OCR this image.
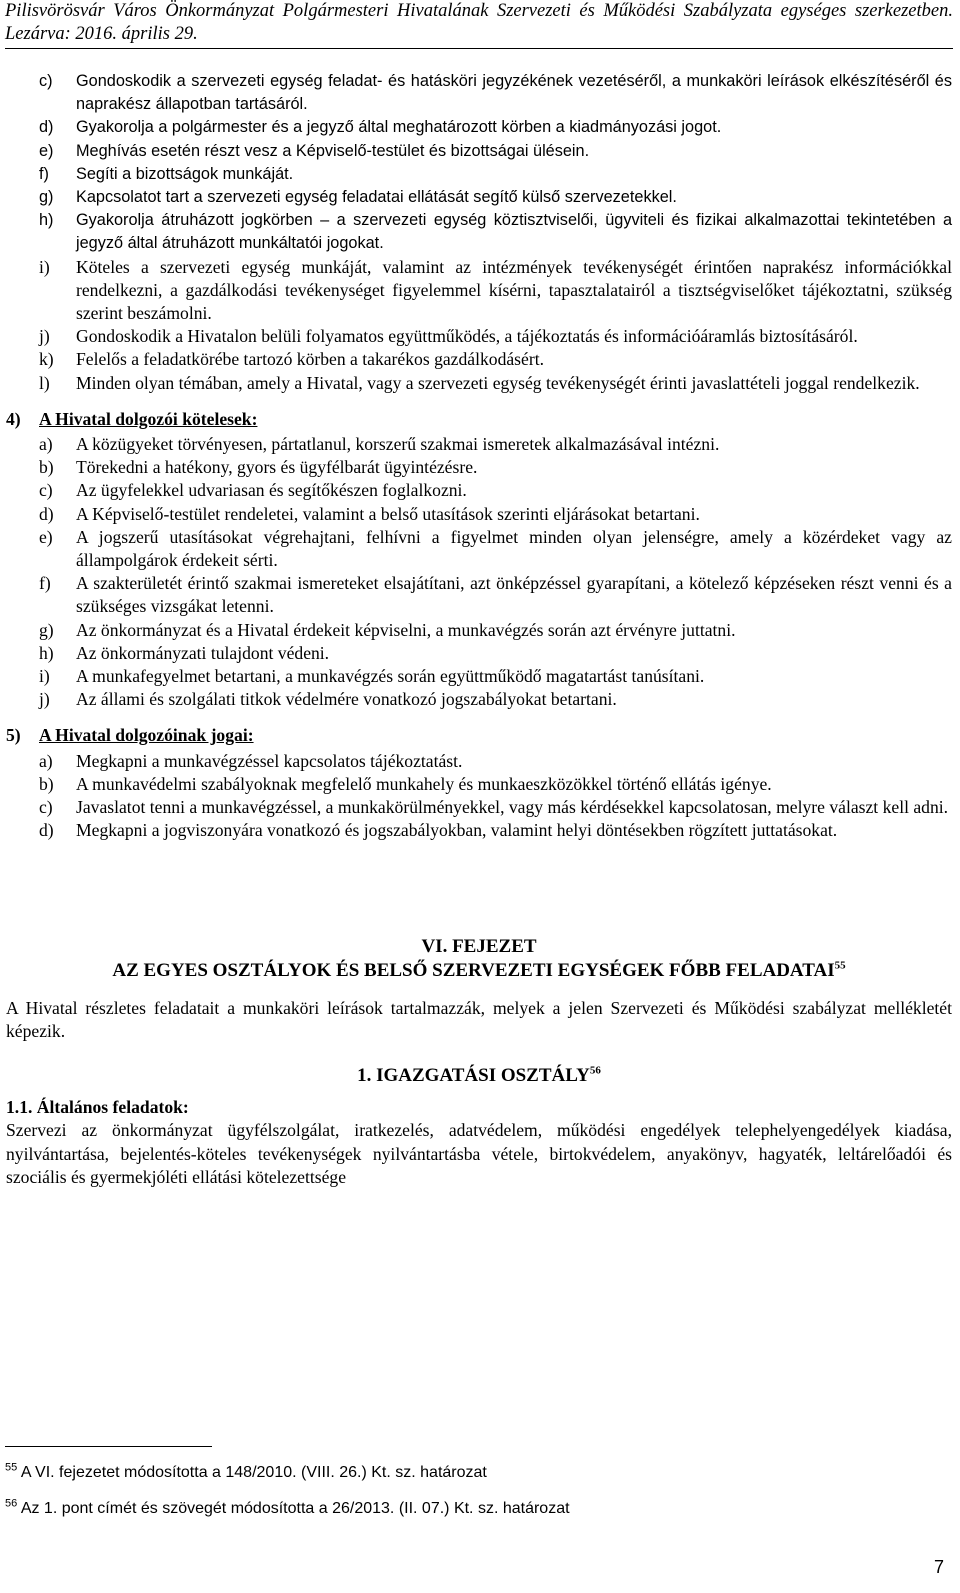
Pilisvörösvár Város Önkormányzat Polgármesteri Hivatalának Szervezeti és Működési Szabályzata egységes szerkezetben. Lezárva: 2016. április 29.
c) Gondoskodik a szervezeti egység feladat- és hatásköri jegyzékének vezetéséről, a munkaköri leírások elkészítéséről és naprakész állapotban tartásáról.
d) Gyakorolja a polgármester és a jegyző által meghatározott körben a kiadmányozási jogot.
e) Meghívás esetén részt vesz a Képviselő-testület és bizottságai ülésein.
f) Segíti a bizottságok munkáját.
g) Kapcsolatot tart a szervezeti egység feladatai ellátását segítő külső szervezetekkel.
h) Gyakorolja átruházott jogkörben – a szervezeti egység köztisztviselői, ügyviteli és fizikai alkalmazottai tekintetében a jegyző által átruházott munkáltatói jogokat.
i) Köteles a szervezeti egység munkáját, valamint az intézmények tevékenységét érintően naprakész információkkal rendelkezni, a gazdálkodási tevékenységet figyelemmel kísérni, tapasztalatairól a tisztségviselőket tájékoztatni, szükség szerint beszámolni.
j) Gondoskodik a Hivatalon belüli folyamatos együttműködés, a tájékoztatás és információáramlás biztosításáról.
k) Felelős a feladatkörébe tartozó körben a takarékos gazdálkodásért.
l) Minden olyan témában, amely a Hivatal, vagy a szervezeti egység tevékenységét érinti javaslattételi joggal rendelkezik.
4) A Hivatal dolgozói kötelesek:
a) A közügyeket törvényesen, pártatlanul, korszerű szakmai ismeretek alkalmazásával intézni.
b) Törekedni a hatékony, gyors és ügyfélbarát ügyintézésre.
c) Az ügyfelekkel udvariasan és segítőkészen foglalkozni.
d) A Képviselő-testület rendeletei, valamint a belső utasítások szerinti eljárásokat betartani.
e) A jogszerű utasításokat végrehajtani, felhívni a figyelmet minden olyan jelenségre, amely a közérdeket vagy az állampolgárok érdekeit sérti.
f) A szakterületét érintő szakmai ismereteket elsajátítani, azt önképzéssel gyarapítani, a kötelező képzéseken részt venni és a szükséges vizsgákat letenni.
g) Az önkormányzat és a Hivatal érdekeit képviselni, a munkavégzés során azt érvényre juttatni.
h) Az önkormányzati tulajdont védeni.
i) A munkafegyelmet betartani, a munkavégzés során együttműködő magatartást tanúsítani.
j) Az állami és szolgálati titkok védelmére vonatkozó jogszabályokat betartani.
5) A Hivatal dolgozóinak jogai:
a) Megkapni a munkavégzéssel kapcsolatos tájékoztatást.
b) A munkavédelmi szabályoknak megfelelő munkahely és munkaeszközökkel történő ellátás igénye.
c) Javaslatot tenni a munkavégzéssel, a munkakörülményekkel, vagy más kérdésekkel kapcsolatosan, melyre választ kell adni.
d) Megkapni a jogviszonyára vonatkozó és jogszabályokban, valamint helyi döntésekben rögzített juttatásokat.
VI. FEJEZET
AZ EGYES OSZTÁLYOK ÉS BELSŐ SZERVEZETI EGYSÉGEK FŐBB FELADATAI$^{55}$

A Hivatal részletes feladatait a munkaköri leírások tartalmazzák, melyek a jelen Szervezeti és Működési szabályzat mellékletét képezik.

1. IGAZGATÁSI OSZTÁLY$^{56}$
1.1. Általános feladatok:

Szervezi az önkormányzat ügyfélszolgálat, iratkezelés, adatvédelem, működési engedélyek telephelyengedélyek kiadása, nyilvántartása, bejelentés-köteles tevékenységek nyilvántartásba vétele, birtokvédelem, anyakönyv, hagyaték, leltárelőadói és szociális és gyermekjóléti ellátási kötelezettsége

$^{55}$ A VI. fejezetet módosította a 148/2010. (VIII. 26.) Kt. sz. határozat
$^{56}$ Az 1. pont címét és szövegét módosította a 26/2013. (II. 07.) Kt. sz. határozat
7
